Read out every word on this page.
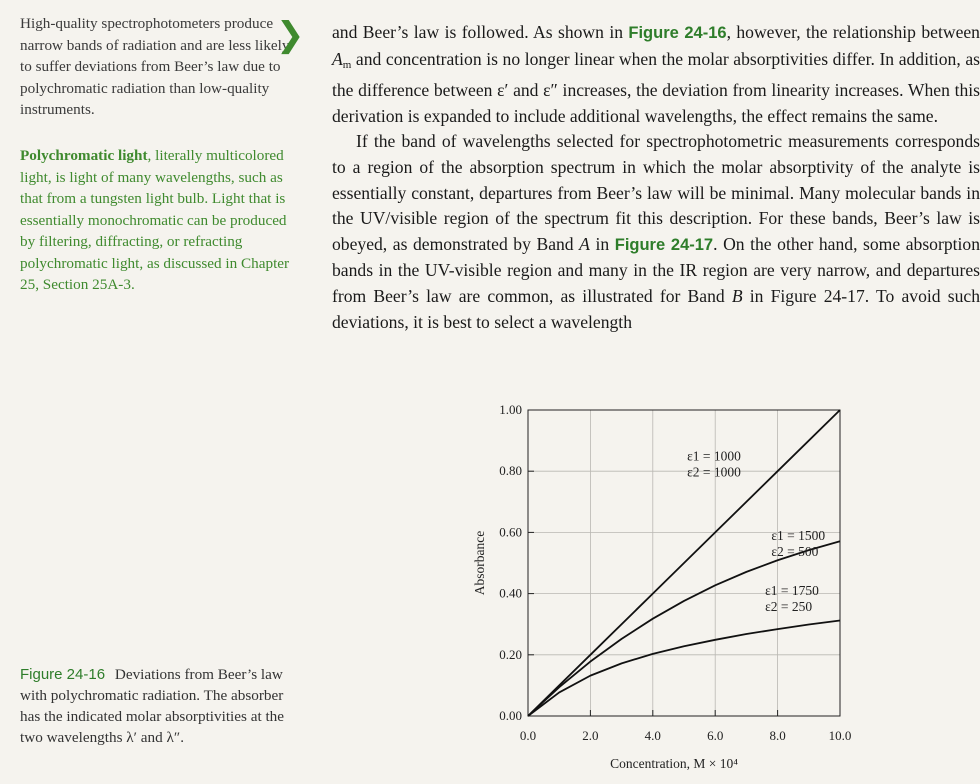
High-quality spectrophotometers produce narrow bands of radiation and are less likely to suffer deviations from Beer’s law due to polychromatic radiation than low-quality instruments.
❯
Polychromatic light, literally multicolored light, is light of many wavelengths, such as that from a tungsten light bulb. Light that is essentially monochromatic can be produced by filtering, diffracting, or refracting polychromatic light, as discussed in Chapter 25, Section 25A-3.
Figure 24-16 Deviations from Beer’s law with polychromatic radiation. The absorber has the indicated molar absorptivities at the two wavelengths λ′ and λ″.

and Beer’s law is followed. As shown in Figure 24-16, however, the relationship between $A_m$ and concentration is no longer linear when the molar absorptivities differ. In addition, as the difference between ε′ and ε″ increases, the deviation from linearity increases. When this derivation is expanded to include additional wavelengths, the effect remains the same.

If the band of wavelengths selected for spectrophotometric measurements corresponds to a region of the absorption spectrum in which the molar absorptivity of the analyte is essentially constant, departures from Beer’s law will be minimal. Many molecular bands in the UV/visible region of the spectrum fit this description. For these bands, Beer’s law is obeyed, as demonstrated by Band A in Figure 24-17. On the other hand, some absorption bands in the UV-visible region and many in the IR region are very narrow, and departures from Beer’s law are common, as illustrated for Band B in Figure 24-17. To avoid such deviations, it is best to select a wavelength

0.00
0.20
0.40
0.60
0.80
1.00
0.0	2.0	4.0	6.0	8.0	10.0
ε1 = 1000
ε2 = 1000
ε1 = 1500
ε2 = 500
ε1 = 1750
ε2 = 250
Absorbance
Concentration, M × 10⁴
